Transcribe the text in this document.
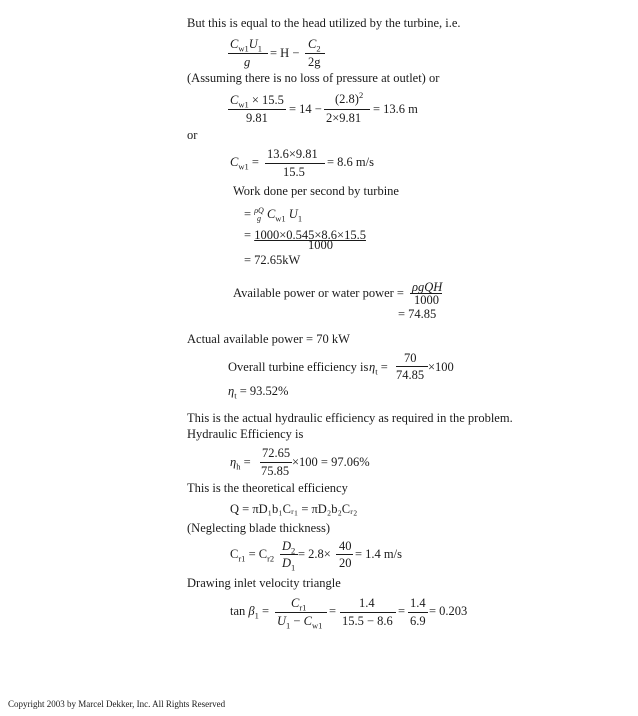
But this is equal to the head utilized by the turbine, i.e.
$C_{w1}U_1$
g
= H −
$C_2$
2g
(Assuming there is no loss of pressure at outlet) or
$C_{w1} \times 15.5$
9.81
= 14 −
$(2.8)^2$
2×9.81
= 13.6 m
or
$C_{w1}$ =
13.6×9.81
15.5
= 8.6 m/s
Work done per second by turbine
= ρQ
g $C_{w1}$ $U_1$
= 1000×0.545×8.6×15.5
1000
= 72.65kW
Available power or water power = ρgQH
1000
= 74.85
Actual available power = 70 kW
Overall turbine efficiency is $\eta_t$ =
70
74.85
×100
$\eta_t = 93.52\%$
This is the actual hydraulic efficiency as required in the problem.
Hydraulic Efficiency is
$\eta_h$ =
72.65
75.85
×100 = 97.06%
This is the theoretical efficiency
Q = πD₁b₁Cᵣ₁ = πD₂b₂Cᵣ₂
(Neglecting blade thickness)
$C_{r1} = C_{r2}$
$D_2$
$D_1$
= 2.8×
40
20
= 1.4 m/s
Drawing inlet velocity triangle
$\tan \beta_1$ =
$C_{r1}$
$U_1 - C_{w1}$
=
1.4
15.5 − 8.6
=
1.4
6.9
= 0.203
Copyright 2003 by Marcel Dekker, Inc. All Rights Reserved
